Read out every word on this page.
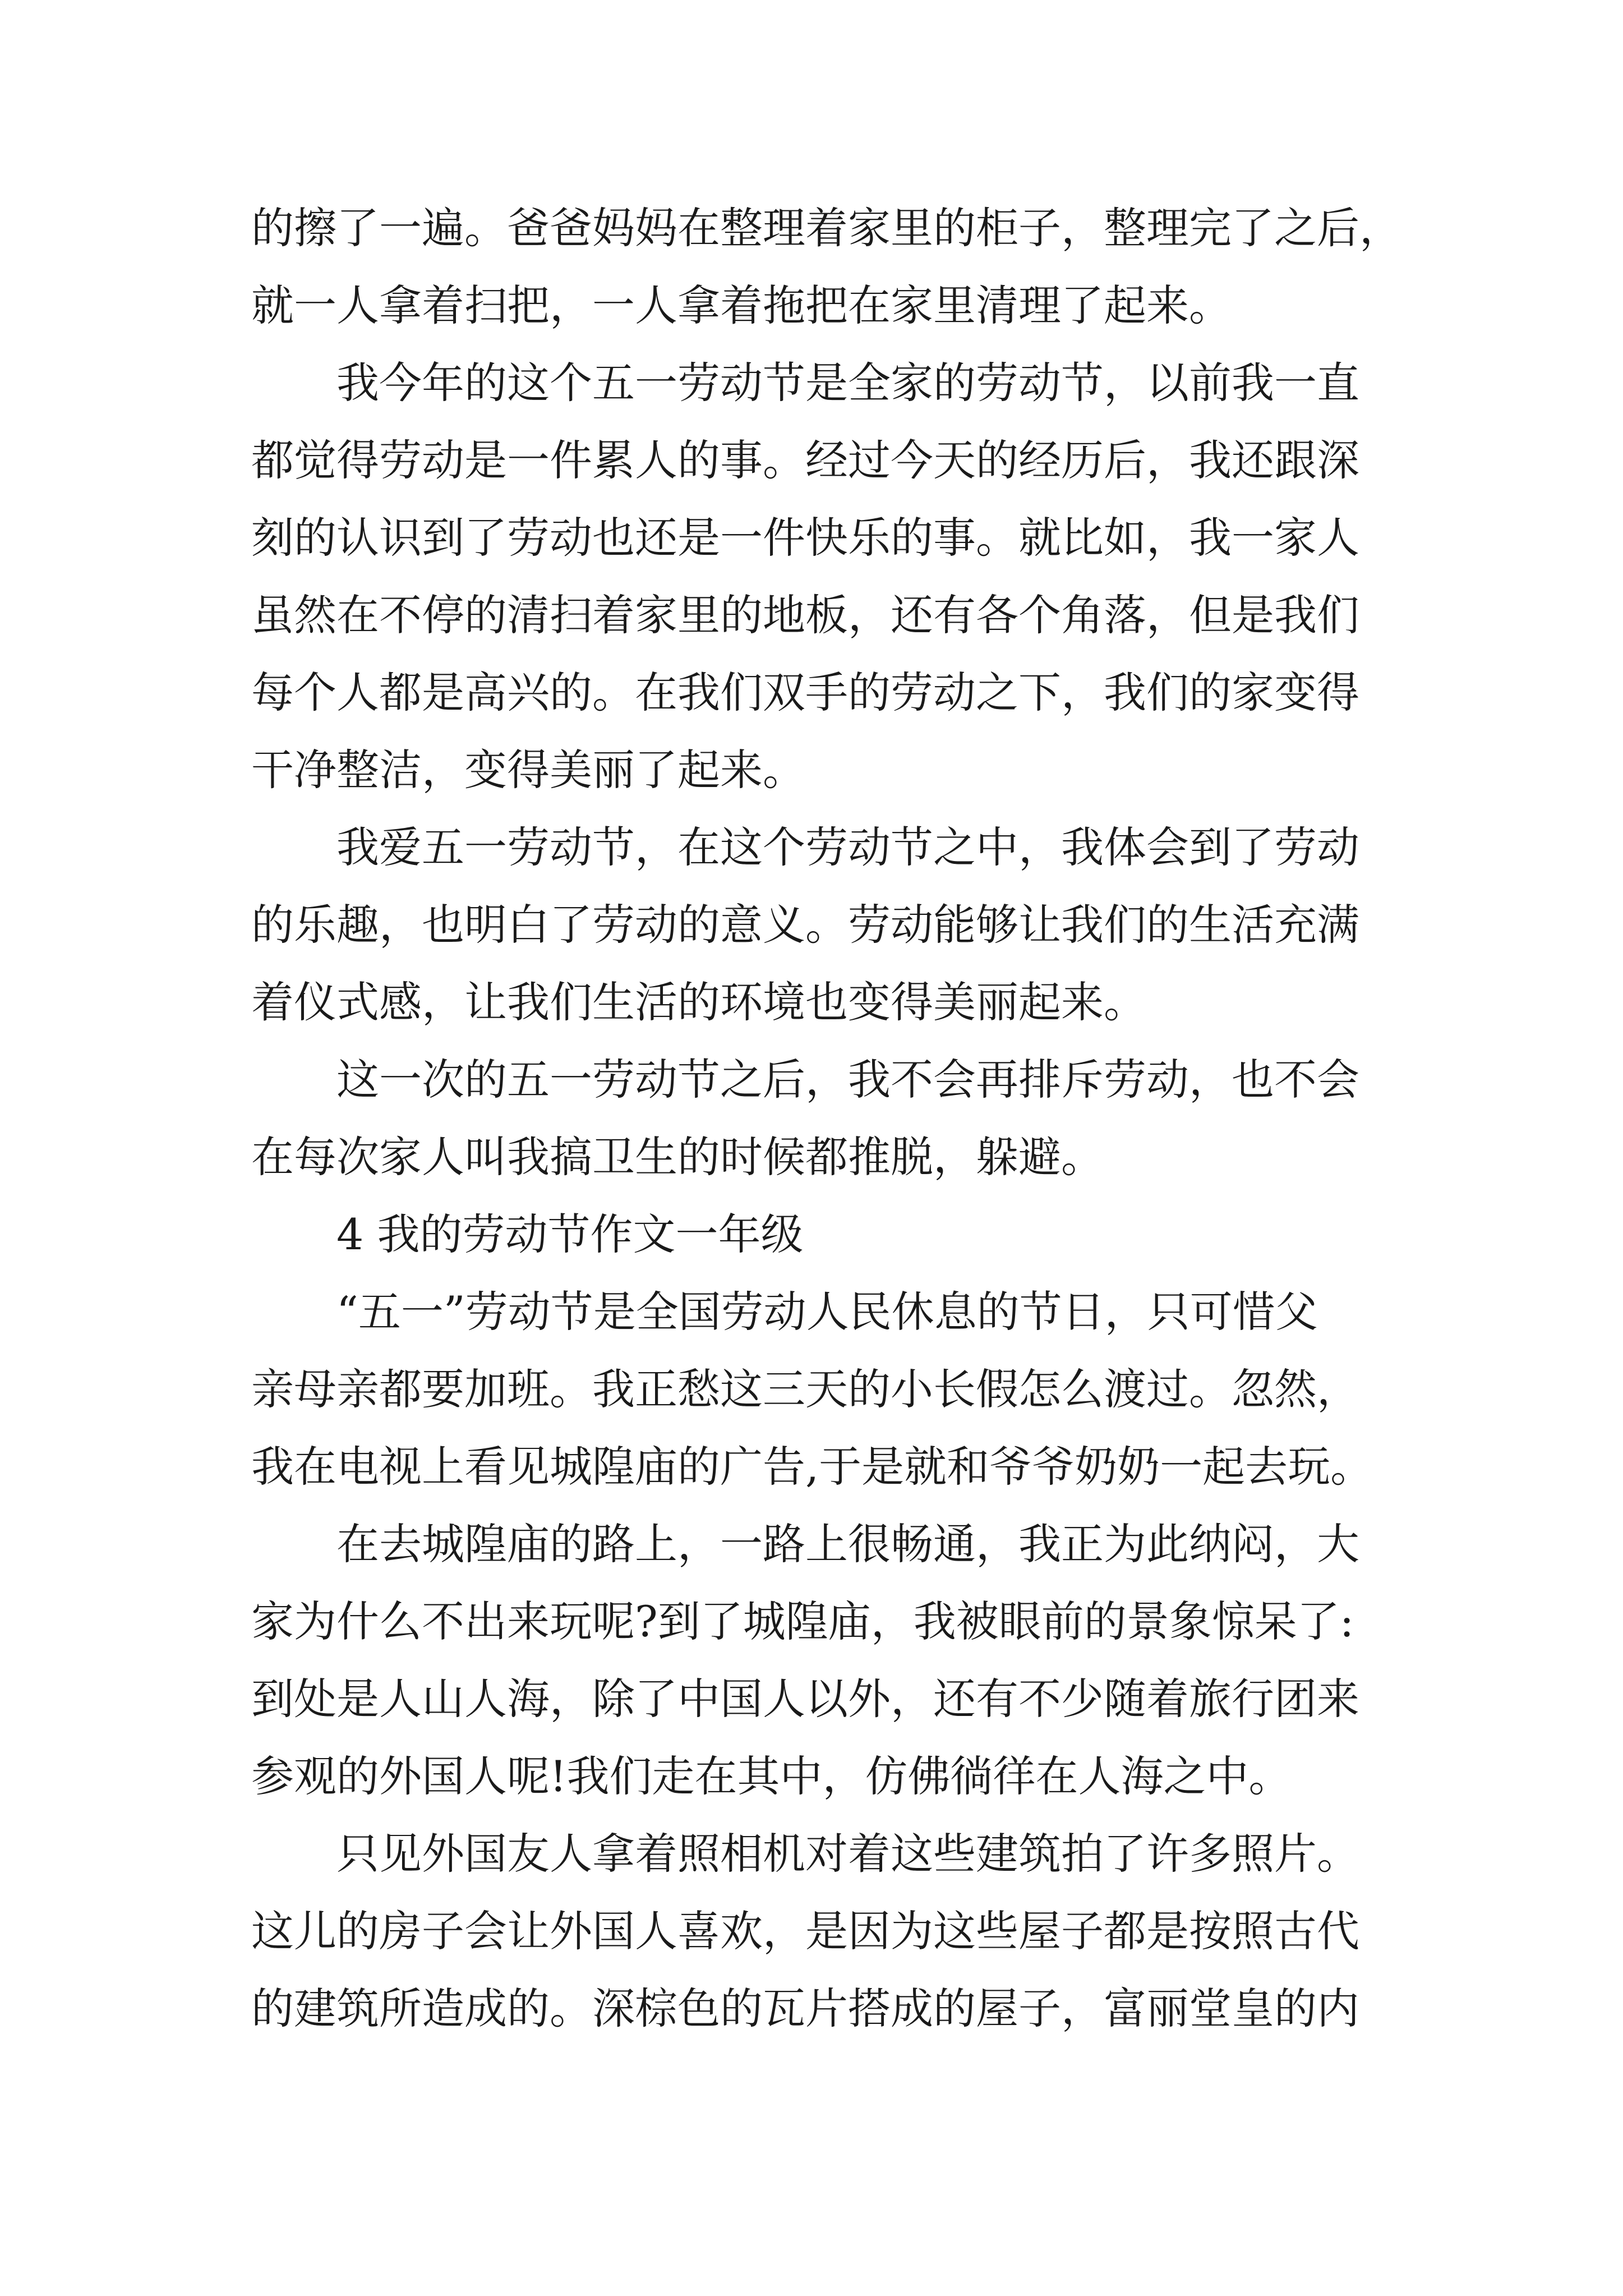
的擦了一遍。爸爸妈妈在整理着家里的柜子，整理完了之后，
就一人拿着扫把，一人拿着拖把在家里清理了起来。
我今年的这个五一劳动节是全家的劳动节，以前我一直
都觉得劳动是一件累人的事。经过今天的经历后，我还跟深
刻的认识到了劳动也还是一件快乐的事。就比如，我一家人
虽然在不停的清扫着家里的地板，还有各个角落，但是我们
每个人都是高兴的。在我们双手的劳动之下，我们的家变得
干净整洁，变得美丽了起来。
我爱五一劳动节，在这个劳动节之中，我体会到了劳动
的乐趣，也明白了劳动的意义。劳动能够让我们的生活充满
着仪式感，让我们生活的环境也变得美丽起来。
这一次的五一劳动节之后，我不会再排斥劳动，也不会
在每次家人叫我搞卫生的时候都推脱，躲避。
4 我的劳动节作文一年级
“五一”劳动节是全国劳动人民休息的节日，只可惜父
亲母亲都要加班。我正愁这三天的小长假怎么渡过。忽然，
我在电视上看见城隍庙的广告,于是就和爷爷奶奶一起去玩。
在去城隍庙的路上，一路上很畅通，我正为此纳闷，大
家为什么不出来玩呢?到了城隍庙，我被眼前的景象惊呆了:
到处是人山人海，除了中国人以外，还有不少随着旅行团来
参观的外国人呢!我们走在其中，仿佛徜徉在人海之中。
只见外国友人拿着照相机对着这些建筑拍了许多照片。
这儿的房子会让外国人喜欢，是因为这些屋子都是按照古代
的建筑所造成的。深棕色的瓦片搭成的屋子，富丽堂皇的内
